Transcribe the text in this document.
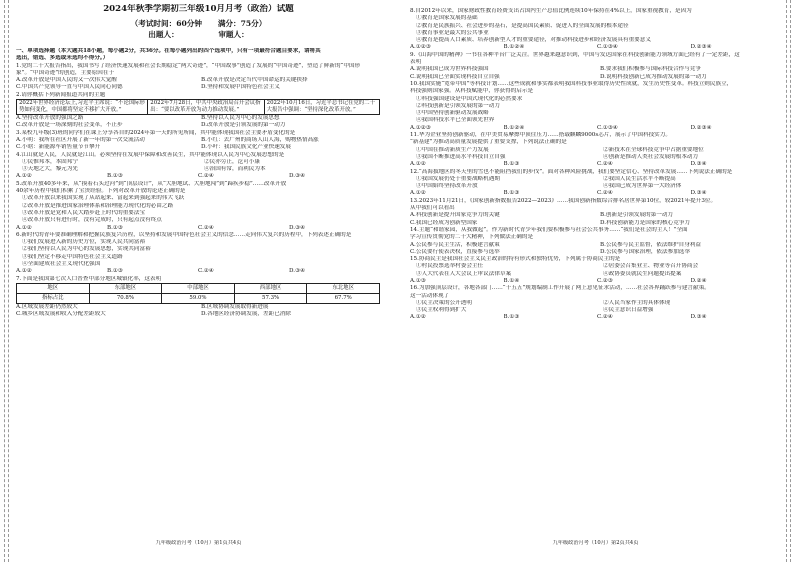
2024年秋季学期初三年级10月月考（政治）试题
（考试时间：60分钟      满分：75分）
出题人：               审题人：
一、单项选择题（本大题共18小题，每小题2分，共36分。在每小题列出的四个选项中，只有一项最符合题目要求，请将其
选出，错选、多选或未选均不得分。）
1.党的二十大报告指出，我国书写了经济快速发展和社会长期稳定“两大奇迹”，“中国故事”创造了发展的“中国奇迹”，塑造了鲜新的“中国形
象”。“中国奇迹”的创造，主要原因在于
A.改革开放是中国人民的又一次伟大觉醒	B.改革开放是决定当代中国命运的关键抉择
C.中国共产党领导一直与中国人民同心同德	D.坚持和发展中国特色社会主义
2.请你概括下列新闻报道共同的主题
2022年世界经济论坛上,习近平主席说：“不论国际形势如何变化，中国都将坚定不移扩大开放。”	2022年7月28日，中共中央政治局召开会议指出：“要以改革开放为动力推动发展。”	2022年10月16日，习近平总书记在党的二十大报告中强调：“坚持深化改革开放。”
A.坚持改革开放的强国之路	B.坚持以人民为中心的发展思想
C.改革开放是一场深刻的社会变革，不止步	D.改革开放是引领发展的第一动力
3.某校九年级(3)班的同学们在课上分享各自的2024年第一天的所见所闻，其中能体现我国社会主要矛盾变化的是
A.小明：我所在社区开展了新一年的第一次交流活动	B.小红：去广州的商场人山人海，购物热情高涨
C.小晗：新能源车销售量节节攀升	D.小叶：我国民族文化产业快速发展
4.江山就是人民，人民就是江山。必须坚持在发展中保障和改善民生，其中能体现以人民为中心发展思想的是
①民惟邦本，本固邦宁	②民亦劳止，汔可小康
③天地之大，黎元为先	④治国有常，而利民为本
A.①②	B.①③	C.②④	D.③④
5.改革开放40多年来，从“摸着石头过河”到“顶层设计”，从“大胆地试、大胆地闯”到“蹄疾步稳”……改革开放
40余年历程中我们积累了宝贵经验。下列对改革开放的论述正确的是
①改革开放以来我国实现了从站起来、富起来到强起来的伟大飞跃
②改革开放是推进国家治理体系和治理能力现代化的必由之路
③改革开放是党和人民大踏步赶上时代的重要法宝
④改革开放只有进行时，没有完成时，只有起点没有终点
A.①②	B.①③	C.②④	D.③④
6.新时代的青年要准确理解和把握民族复兴历程，以坚持和发展中国特色社会主义的信念……走向伟大复兴的历程中，下列表述正确的是
①我们发展进入新的历史方位，实现人民共同富裕
②我们坚持以人民为中心的发展思想，实现共同富裕
③我们坚定不移走中国特色社会主义道路
④全面建成社会主义现代化强国
A.①②	B.①③	C.②④	D.③④
7.下面是我国第七次人口普查中部分地区城镇化率，这表明
地区	东部地区	中部地区	西部地区	东北地区
指标占比	70.8%	59.0%	57.3%	67.7%
A.区域发展差距仍然较大	B.区域协调发展取得新进展
C.城乡区域发展和收入分配差距较大	D.各地区经济协调发展，差距已消除
九年级政治月考（10月）第1页共4页
8.自2012年以来，国家财政性教育经费支出占国内生产总值比例连续10年保持在4%以上，国家重视教育，是因为
①教育是国家发展的基础
②教育是民族振兴、社会进步的基石，是提高国民素质、促进人的全面发展的根本途径
③教育事业是最大的公共事业
④教育是提高人口素质、培养创新型人才的重要途径，对推动科技进步和经济发展具有重要意义
A.①②③	B.①②④	C.①③④	D.②③④
9.《山海中国的精神》一书在各种平台广泛关注。世界越来越意识到，中国与发达国家在科技创新能力领域方面已经有了一定差距，这
表明
A.说明我国已成为世界科技强国	B.要求我们积极参与国际科技合作与竞争
C.说明我国已全面实现科技自立自强	D.说明科技创新已成为推动发展的第一动力
10.我国实施“宽带中国”等科技计划……这些成就和事实都表明我国科技事业取得历史性成就，发生历史性变革。科技立则民族立，
科技强则国家强。从科技赋能中，你获得的启示是
①科技强国建设是中国式现代化的必然要求
②科技创新是引领发展的第一动力
③中国坚持创新驱动发展战略
④我国科技水平已全面领先世界
A.①②③	B.①②④	C.①③④	D.②③④
11.华为企业坚持创新驱动，在中美贸易摩擦中顶住压力……搭载麒麟9000s芯片，展示了中国科技实力。
“新基建”为推动高质量发展提供了重要支撑，下列说法正确的是
①中国在推动新质生产力发展	②新技术在全球科技竞争中占据重要地位
③我国不断推进高水平科技自立自强	④创新是推动人类社会发展的根本动力
A.①②	B.①③	C.②④	D.③④
12.“高海拔地区的冬天里的雪也不能阻挡我们的步伐”。面对各种风险挑战，我们要坚定信心、坚持改革发展……下列说法正确的是
①我国发展仍处于重要战略机遇期	②我国人民生活水平不断提高
③中国始终坚持改革开放	④我国已成为世界第一大经济体
A.①②	B.①③	C.②④	D.③④
13.2023年11月21日，《国家创新指数报告2022—2023》……我国创新指数综合排名居世界第10位，较2021年提升3位。
从中我们可以看出
A.科技创新是提升国家竞争力的关键	B.创新是引领发展的第一动力
C.我国已经成为创新型国家	D.科技创新能力是国家的核心竞争力
14.主题“和谐家园，从我做起”。作为新时代青少年我们要积极参与社会公共事务……“我们是社会的主人！”全面
学习宣传贯彻党的二十大精神，下列做法正确的是
A.公民参与民主生活，积极建言献策	B.公民参与民主监督，依法维护自身利益
C.公民要行使表决权，直接参与选举	D.公民参与国家治理，依法参加选举
15.协商民主是我国社会主义民主政治的特有形式和独特优势，下列属于协商民主的是
①村民投票选举村委会主任	②居委会召集业主、物业等召开协商会
③人大代表在人大会议上审议法律草案	④政协委员就民生问题提出提案
A.①③	B.①④	C.②③	D.②④
16.为加强顶层设计，各地各部门……“十五五”规划编制工作开展了网上意见征求活动，……社会各界踊跃参与建言献策。
这一活动体现了
①民主决策的公开透明	②人民当家作主的具体体现
③民主权利得到扩大	④民主意识日益增强
A.①②	B.①③	C.②④	D.③④
九年级政治月考（10月）第2页共4页
